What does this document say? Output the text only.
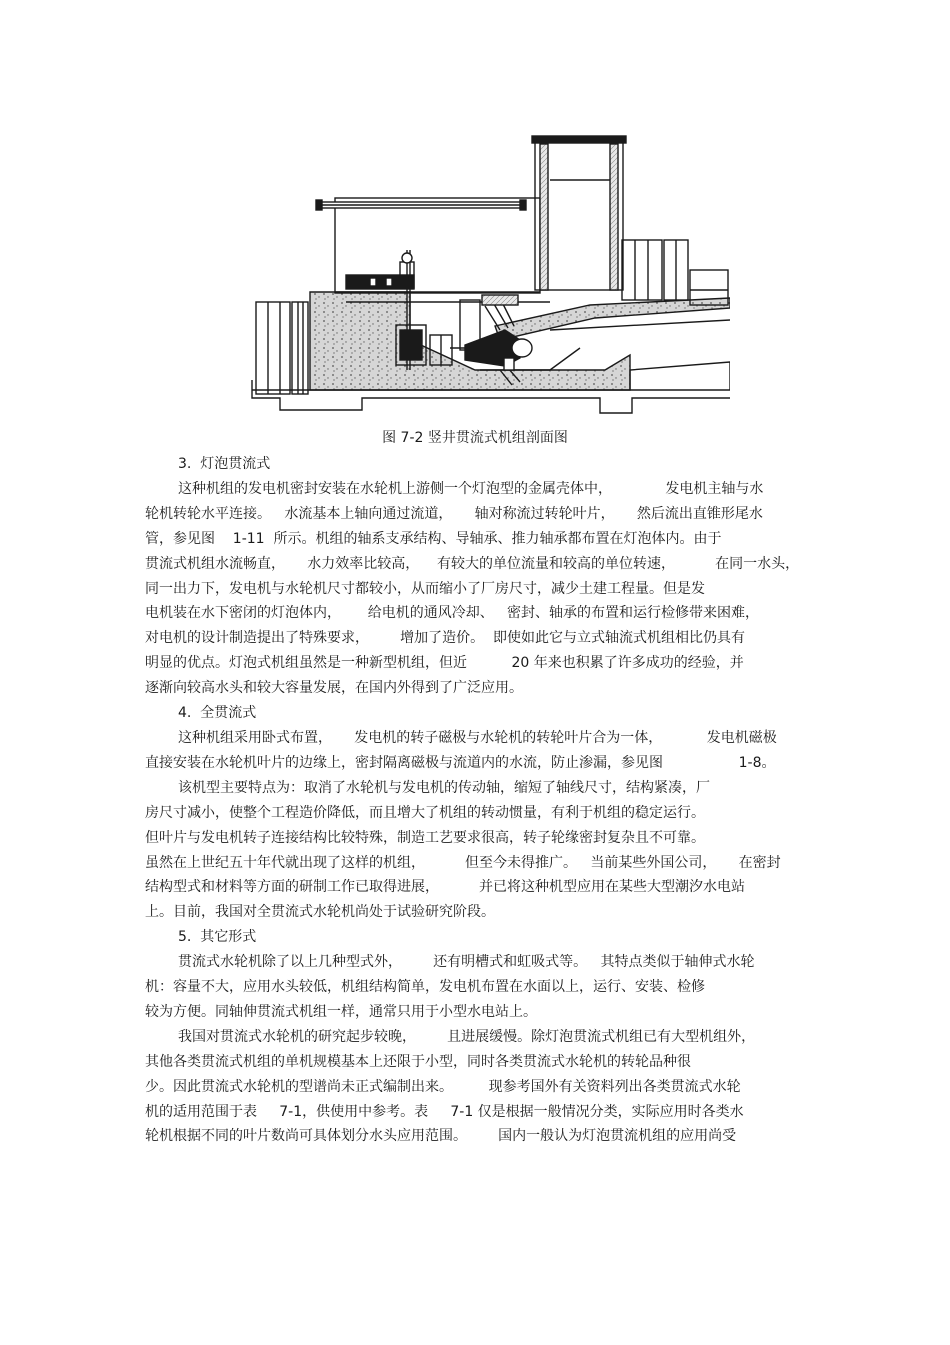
图 7-2 竖井贯流式机组剖面图
3.  灯泡贯流式
这种机组的发电机密封安装在水轮机上游侧一个灯泡型的金属壳体中，            发电机主轴与水
轮机转轮水平连接。   水流基本上轴向通过流道，     轴对称流过转轮叶片，     然后流出直锥形尾水
管，参见图    1-11  所示。机组的轴系支承结构、导轴承、推力轴承都布置在灯泡体内。由于
贯流式机组水流畅直，     水力效率比较高，    有较大的单位流量和较高的单位转速，         在同一水头，
同一出力下，发电机与水轮机尺寸都较小，从而缩小了厂房尺寸，减少土建工程量。但是发
电机装在水下密闭的灯泡体内，      给电机的通风冷却、   密封、轴承的布置和运行检修带来困难，
对电机的设计制造提出了特殊要求，       增加了造价。  即使如此它与立式轴流式机组相比仍具有
明显的优点。灯泡式机组虽然是一种新型机组，但近          20 年来也积累了许多成功的经验，并
逐渐向较高水头和较大容量发展，在国内外得到了广泛应用。
4.  全贯流式
这种机组采用卧式布置，     发电机的转子磁极与水轮机的转轮叶片合为一体，          发电机磁极
直接安装在水轮机叶片的边缘上，密封隔离磁极与流道内的水流，防止渗漏，参见图                 1-8。
该机型主要特点为：取消了水轮机与发电机的传动轴，缩短了轴线尺寸，结构紧凑，厂
房尺寸减小，使整个工程造价降低，而且增大了机组的转动惯量，有利于机组的稳定运行。
但叶片与发电机转子连接结构比较特殊，制造工艺要求很高，转子轮缘密封复杂且不可靠。
虽然在上世纪五十年代就出现了这样的机组，         但至今未得推广。   当前某些外国公司，     在密封
结构型式和材料等方面的研制工作已取得进展，         并已将这种机型应用在某些大型潮汐水电站
上。目前，我国对全贯流式水轮机尚处于试验研究阶段。
5.  其它形式
贯流式水轮机除了以上几种型式外，       还有明槽式和虹吸式等。   其特点类似于轴伸式水轮
机：容量不大，应用水头较低，机组结构简单，发电机布置在水面以上，运行、安装、检修
较为方便。同轴伸贯流式机组一样，通常只用于小型水电站上。
我国对贯流式水轮机的研究起步较晚，       且进展缓慢。除灯泡贯流式机组已有大型机组外，
其他各类贯流式机组的单机规模基本上还限于小型，同时各类贯流式水轮机的转轮品种很
少。因此贯流式水轮机的型谱尚未正式编制出来。        现参考国外有关资料列出各类贯流式水轮
机的适用范围于表     7-1，供使用中参考。表     7-1 仅是根据一般情况分类，实际应用时各类水
轮机根据不同的叶片数尚可具体划分水头应用范围。       国内一般认为灯泡贯流机组的应用尚受
